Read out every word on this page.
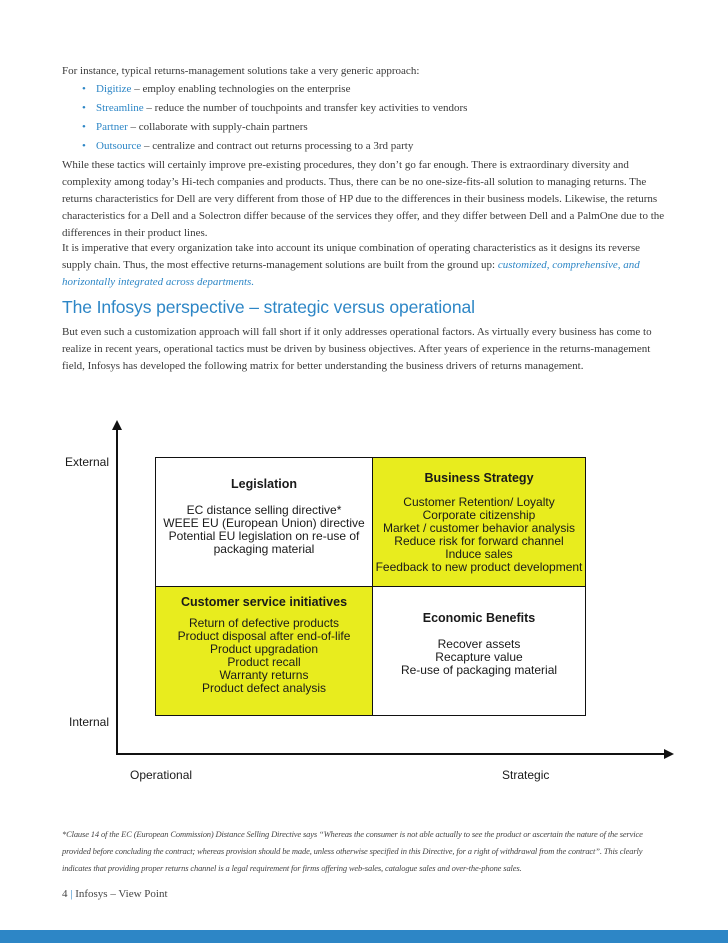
For instance, typical returns-management solutions take a very generic approach:
• Digitize – employ enabling technologies on the enterprise
• Streamline – reduce the number of touchpoints and transfer key activities to vendors
• Partner – collaborate with supply-chain partners
• Outsource – centralize and contract out returns processing to a 3rd party
While these tactics will certainly improve pre-existing procedures, they don’t go far enough. There is extraordinary diversity and complexity among today’s Hi-tech companies and products. Thus, there can be no one-size-fits-all solution to managing returns. The returns characteristics for Dell are very different from those of HP due to the differences in their business models. Likewise, the returns characteristics for a Dell and a Solectron differ because of the services they offer, and they differ between Dell and a PalmOne due to the differences in their product lines.
It is imperative that every organization take into account its unique combination of operating characteristics as it designs its reverse supply chain. Thus, the most effective returns-management solutions are built from the ground up: customized, comprehensive, and horizontally integrated across departments.
The Infosys perspective – strategic versus operational
But even such a customization approach will fall short if it only addresses operational factors. As virtually every business has come to realize in recent years, operational tactics must be driven by business objectives. After years of experience in the returns-management field, Infosys has developed the following matrix for better understanding the business drivers of returns management.
External
Internal
Operational	Strategic
Legislation
EC distance selling directive*
WEEE EU (European Union) directive
Potential EU legislation on re-use of
packaging material
Business Strategy
Customer Retention/ Loyalty
Corporate citizenship
Market / customer behavior analysis
Reduce risk for forward channel
Induce sales
Feedback to new product development
Customer service initiatives
Return of defective products
Product disposal after end-of-life
Product upgradation
Product recall
Warranty returns
Product defect analysis
Economic Benefits
Recover assets
Recapture value
Re-use of packaging material
*Clause 14 of the EC (European Commission) Distance Selling Directive says “Whereas the consumer is not able actually to see the product or ascertain the nature of the service provided before concluding the contract; whereas provision should be made, unless otherwise specified in this Directive, for a right of withdrawal from the contract”. This clearly indicates that providing proper returns channel is a legal requirement for firms offering web-sales, catalogue sales and over-the-phone sales.
4 | Infosys – View Point
